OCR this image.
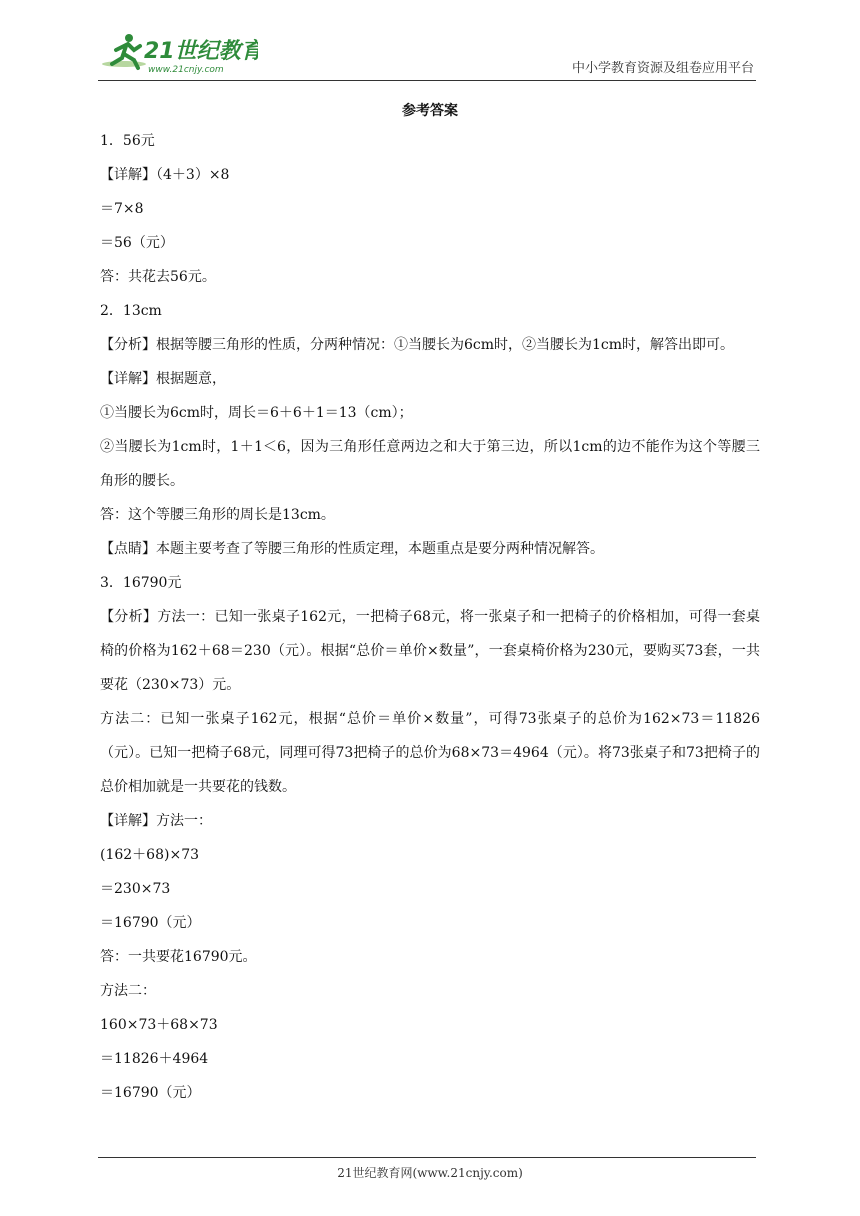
21世纪教育
www.21cnjy.com	中小学教育资源及组卷应用平台
参考答案

1．56元

【详解】（4＋3）×8

＝7×8

＝56（元）

答：共花去56元。

2．13cm

【分析】根据等腰三角形的性质，分两种情况：①当腰长为6cm时，②当腰长为1cm时，解答出即可。

【详解】根据题意，

①当腰长为6cm时，周长＝6＋6＋1＝13（cm）；

②当腰长为1cm时，1＋1＜6，因为三角形任意两边之和大于第三边，所以1cm的边不能作为这个等腰三角形的腰长。

答：这个等腰三角形的周长是13cm。

【点睛】本题主要考查了等腰三角形的性质定理，本题重点是要分两种情况解答。

3．16790元

【分析】方法一：已知一张桌子162元，一把椅子68元，将一张桌子和一把椅子的价格相加，可得一套桌椅的价格为162＋68＝230（元）。根据“总价＝单价×数量”，一套桌椅价格为230元，要购买73套，一共要花（230×73）元。

方法二：已知一张桌子162元，根据“总价＝单价×数量”，可得73张桌子的总价为162×73＝11826（元）。已知一把椅子68元，同理可得73把椅子的总价为68×73＝4964（元）。将73张桌子和73把椅子的总价相加就是一共要花的钱数。

【详解】方法一：

(162＋68)×73

＝230×73

＝16790（元）

答：一共要花16790元。

方法二：

160×73＋68×73

＝11826＋4964

＝16790（元）

21世纪教育网(www.21cnjy.com)
